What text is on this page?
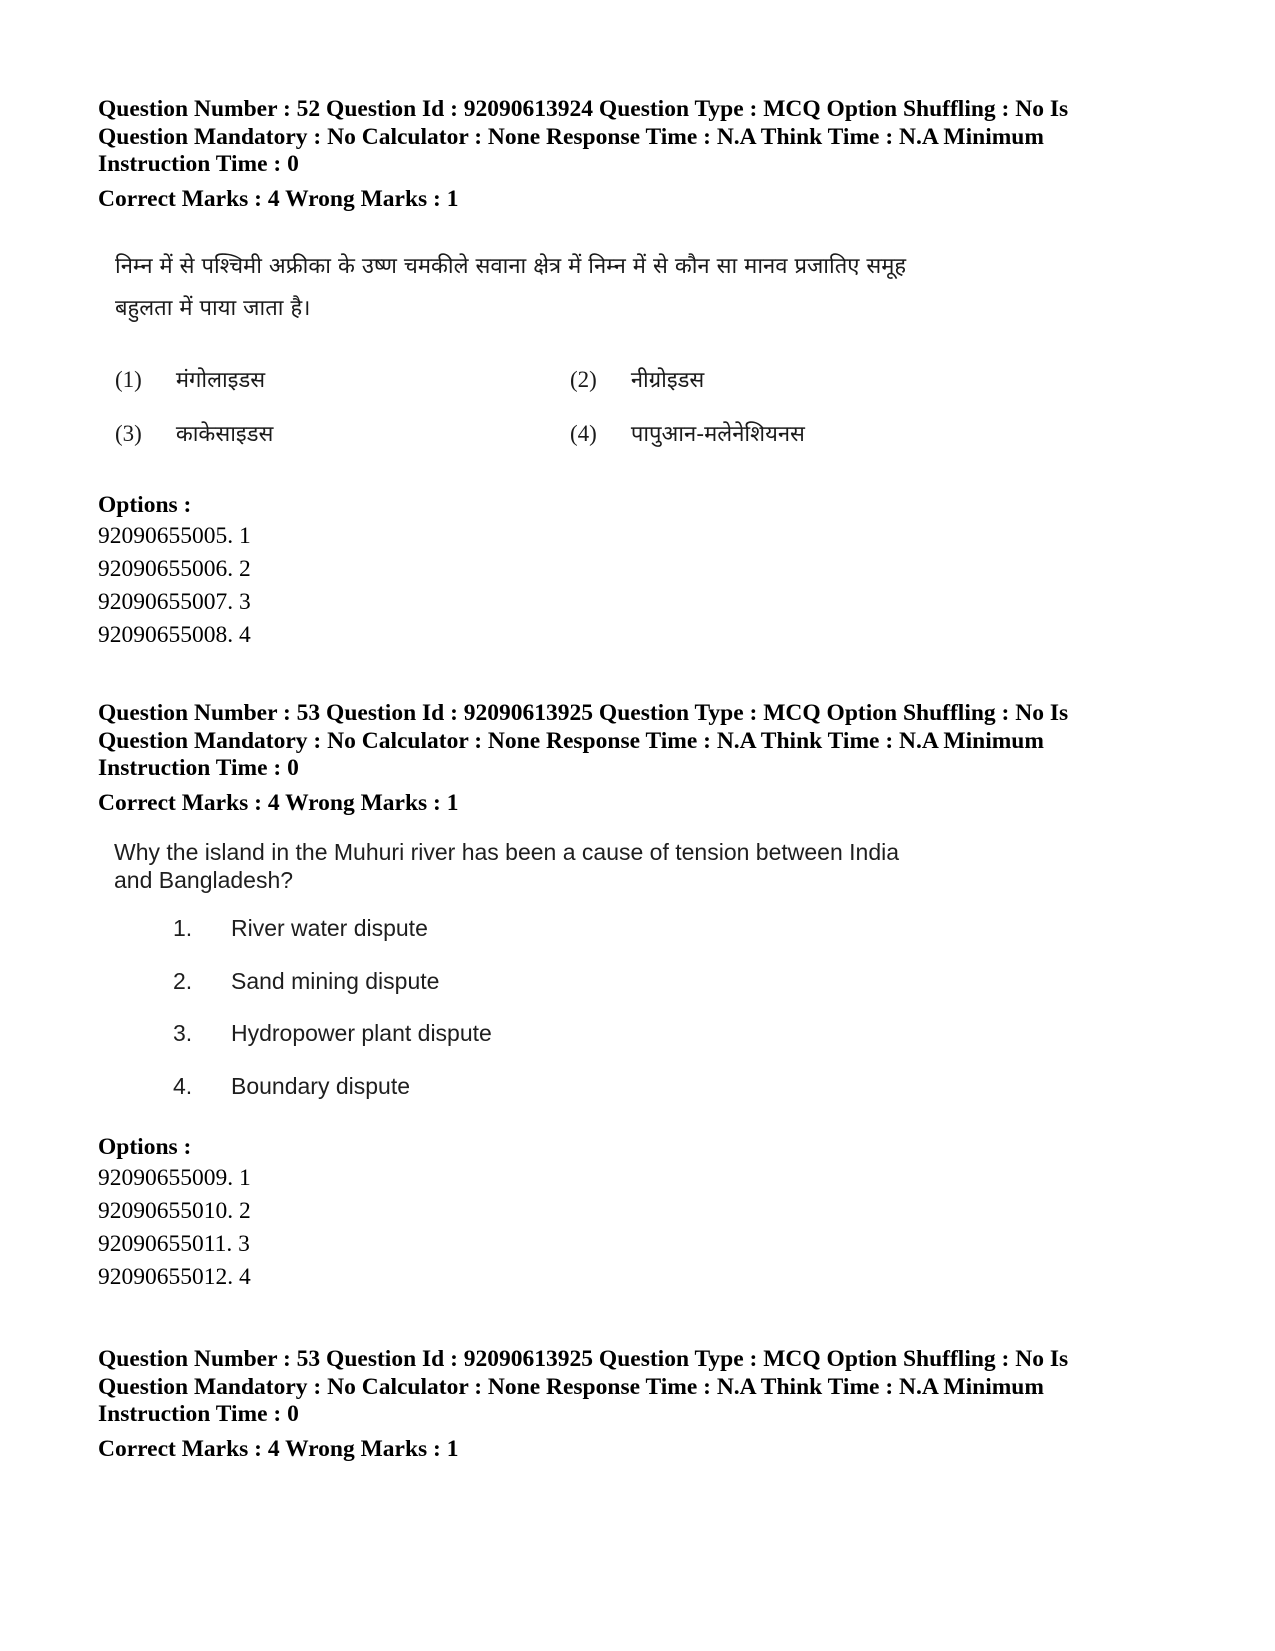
Question Number : 52 Question Id : 92090613924 Question Type : MCQ Option Shuffling : No Is

Question Mandatory : No Calculator : None Response Time : N.A Think Time : N.A Minimum

Instruction Time : 0

Correct Marks : 4 Wrong Marks : 1

निम्न में से पश्चिमी अफ्रीका के उष्ण चमकीले सवाना क्षेत्र में निम्न में से कौन सा मानव प्रजातिए समूह

बहुलता में पाया जाता है।

(1) मंगोलाइडस	(2) नीग्रोइडस
(3) काकेसाइडस	(4) पापुआन-मलेनेशियनस

Options :

92090655005. 1

92090655006. 2

92090655007. 3

92090655008. 4

Question Number : 53 Question Id : 92090613925 Question Type : MCQ Option Shuffling : No Is

Question Mandatory : No Calculator : None Response Time : N.A Think Time : N.A Minimum

Instruction Time : 0

Correct Marks : 4 Wrong Marks : 1

Why the island in the Muhuri river has been a cause of tension between India

and Bangladesh?

1.	River water dispute
2.	Sand mining dispute
3.	Hydropower plant dispute
4.	Boundary dispute

Options :

92090655009. 1

92090655010. 2

92090655011. 3

92090655012. 4

Question Number : 53 Question Id : 92090613925 Question Type : MCQ Option Shuffling : No Is

Question Mandatory : No Calculator : None Response Time : N.A Think Time : N.A Minimum

Instruction Time : 0

Correct Marks : 4 Wrong Marks : 1
